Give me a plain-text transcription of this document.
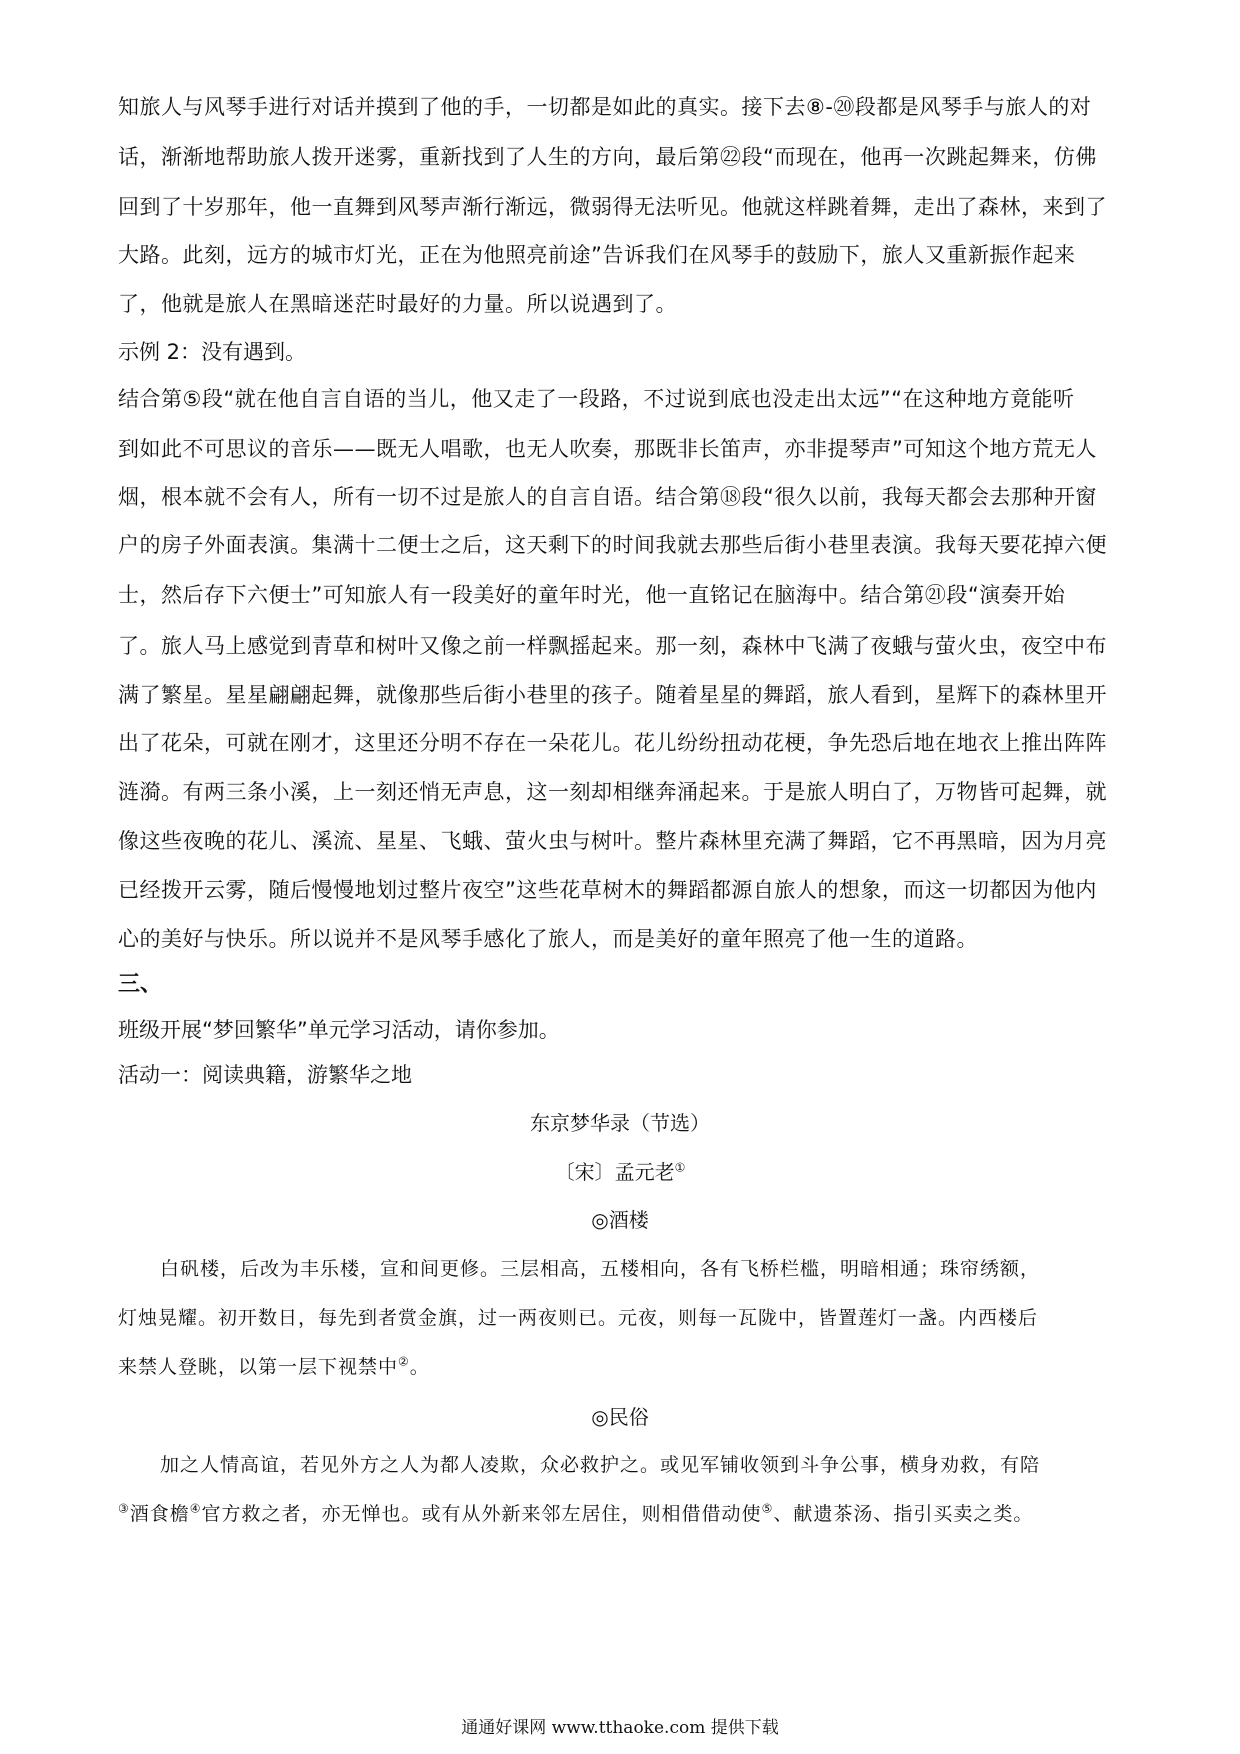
知旅人与风琴手进行对话并摸到了他的手，一切都是如此的真实。接下去⑧-⑳段都是风琴手与旅人的对
话，渐渐地帮助旅人拨开迷雾，重新找到了人生的方向，最后第㉒段“而现在，他再一次跳起舞来，仿佛
回到了十岁那年，他一直舞到风琴声渐行渐远，微弱得无法听见。他就这样跳着舞，走出了森林，来到了
大路。此刻，远方的城市灯光，正在为他照亮前途”告诉我们在风琴手的鼓励下，旅人又重新振作起来
了，他就是旅人在黑暗迷茫时最好的力量。所以说遇到了。
示例 2：没有遇到。
结合第⑤段“就在他自言自语的当儿，他又走了一段路，不过说到底也没走出太远”“在这种地方竟能听
到如此不可思议的音乐——既无人唱歌，也无人吹奏，那既非长笛声，亦非提琴声”可知这个地方荒无人
烟，根本就不会有人，所有一切不过是旅人的自言自语。结合第⑱段“很久以前，我每天都会去那种开窗
户的房子外面表演。集满十二便士之后，这天剩下的时间我就去那些后街小巷里表演。我每天要花掉六便
士，然后存下六便士”可知旅人有一段美好的童年时光，他一直铭记在脑海中。结合第㉑段“演奏开始
了。旅人马上感觉到青草和树叶又像之前一样飘摇起来。那一刻，森林中飞满了夜蛾与萤火虫，夜空中布
满了繁星。星星翩翩起舞，就像那些后街小巷里的孩子。随着星星的舞蹈，旅人看到，星辉下的森林里开
出了花朵，可就在刚才，这里还分明不存在一朵花儿。花儿纷纷扭动花梗，争先恐后地在地衣上推出阵阵
涟漪。有两三条小溪，上一刻还悄无声息，这一刻却相继奔涌起来。于是旅人明白了，万物皆可起舞，就
像这些夜晚的花儿、溪流、星星、飞蛾、萤火虫与树叶。整片森林里充满了舞蹈，它不再黑暗，因为月亮
已经拨开云雾，随后慢慢地划过整片夜空”这些花草树木的舞蹈都源自旅人的想象，而这一切都因为他内
心的美好与快乐。所以说并不是风琴手感化了旅人，而是美好的童年照亮了他一生的道路。
三、
班级开展“梦回繁华”单元学习活动，请你参加。
活动一：阅读典籍，游繁华之地
东京梦华录（节选）
〔宋〕孟元老①
◎酒楼
白矾楼，后改为丰乐楼，宣和间更修。三层相高，五楼相向，各有飞桥栏槛，明暗相通；珠帘绣额，
灯烛晃耀。初开数日，每先到者赏金旗，过一两夜则已。元夜，则每一瓦陇中，皆置莲灯一盏。内西楼后
来禁人登眺，以第一层下视禁中②。
◎民俗
加之人情高谊，若见外方之人为都人凌欺，众必救护之。或见军铺收领到斗争公事，横身劝救，有陪
③酒食檐④官方救之者，亦无惮也。或有从外新来邻左居住，则相借借动使⑤、献遗茶汤、指引买卖之类。
通通好课网 www.tthaoke.com 提供下载
